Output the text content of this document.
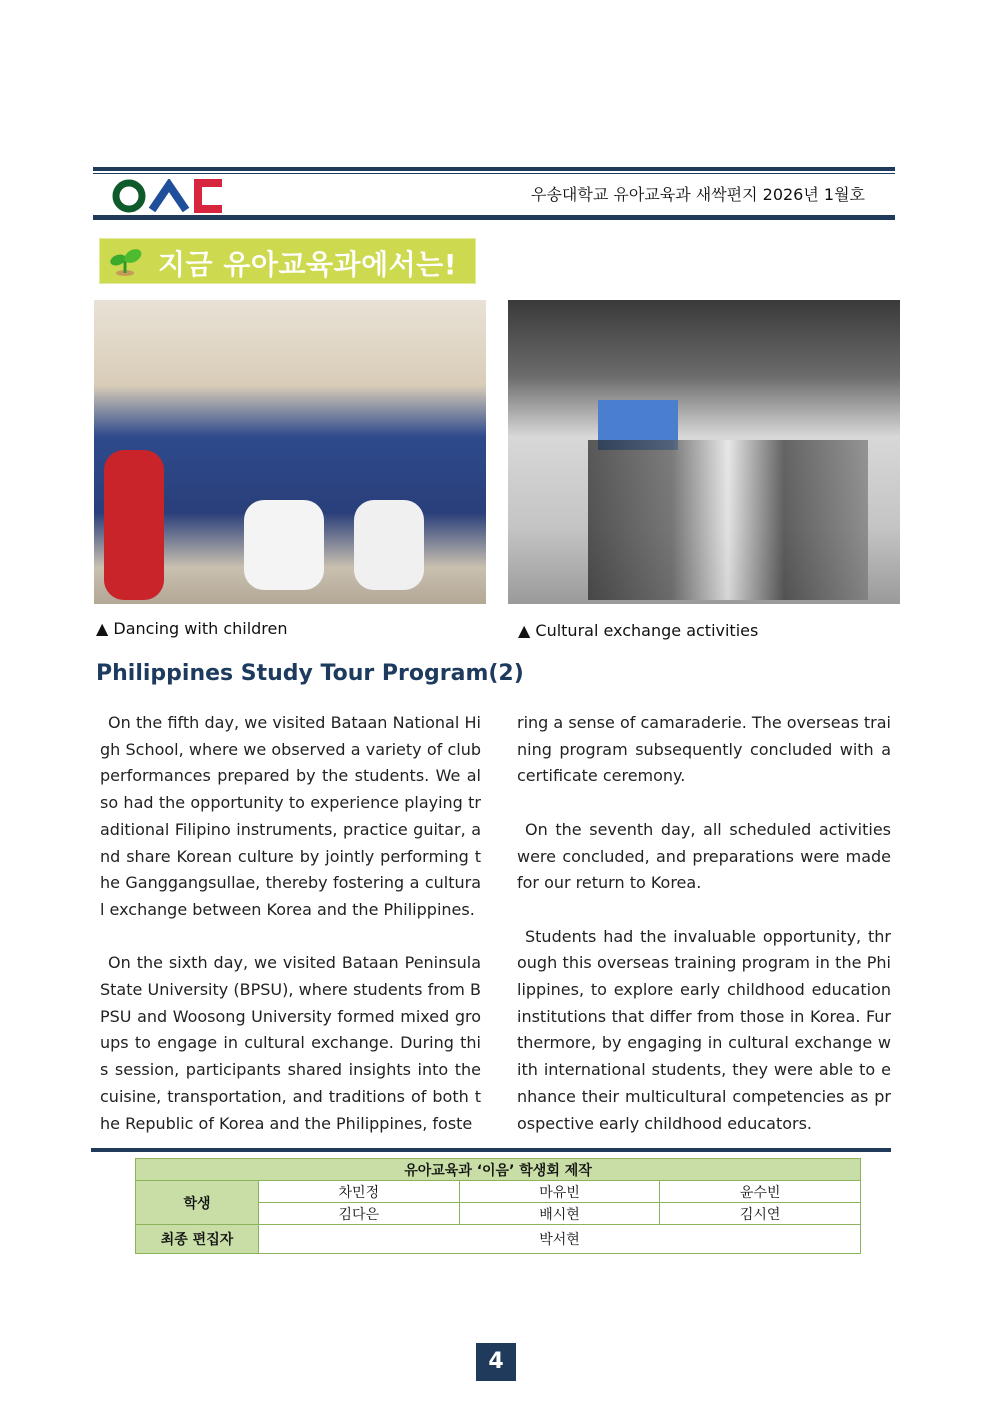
우송대학교 유아교육과 새싹편지 2026년 1월호
지금 유아교육과에서는!
▲ Dancing with children	▲ Cultural exchange activities
Philippines Study Tour Program(2)

On the fifth day, we visited Bataan National High School, where we observed a variety of club performances prepared by the students. We also had the opportunity to experience playing traditional Filipino instruments, practice guitar, and share Korean culture by jointly performing the Ganggangsullae, thereby fostering a cultural exchange between Korea and the Philippines.

On the sixth day, we visited Bataan Peninsula State University (BPSU), where students from BPSU and Woosong University formed mixed groups to engage in cultural exchange. During this session, participants shared insights into the cuisine, transportation, and traditions of both the Republic of Korea and the Philippines, foste

ring a sense of camaraderie. The overseas training program subsequently concluded with a certificate ceremony.

On the seventh day, all scheduled activities were concluded, and preparations were made for our return to Korea.

Students had the invaluable opportunity, through this overseas training program in the Philippines, to explore early childhood education institutions that differ from those in Korea. Furthermore, by engaging in cultural exchange with international students, they were able to enhance their multicultural competencies as prospective early childhood educators.

유아교육과 ‘이음’ 학생회 제작			
학생	차민정	마유빈	윤수빈
	김다은	배시현	김시연
최종 편집자	박서현		
4
